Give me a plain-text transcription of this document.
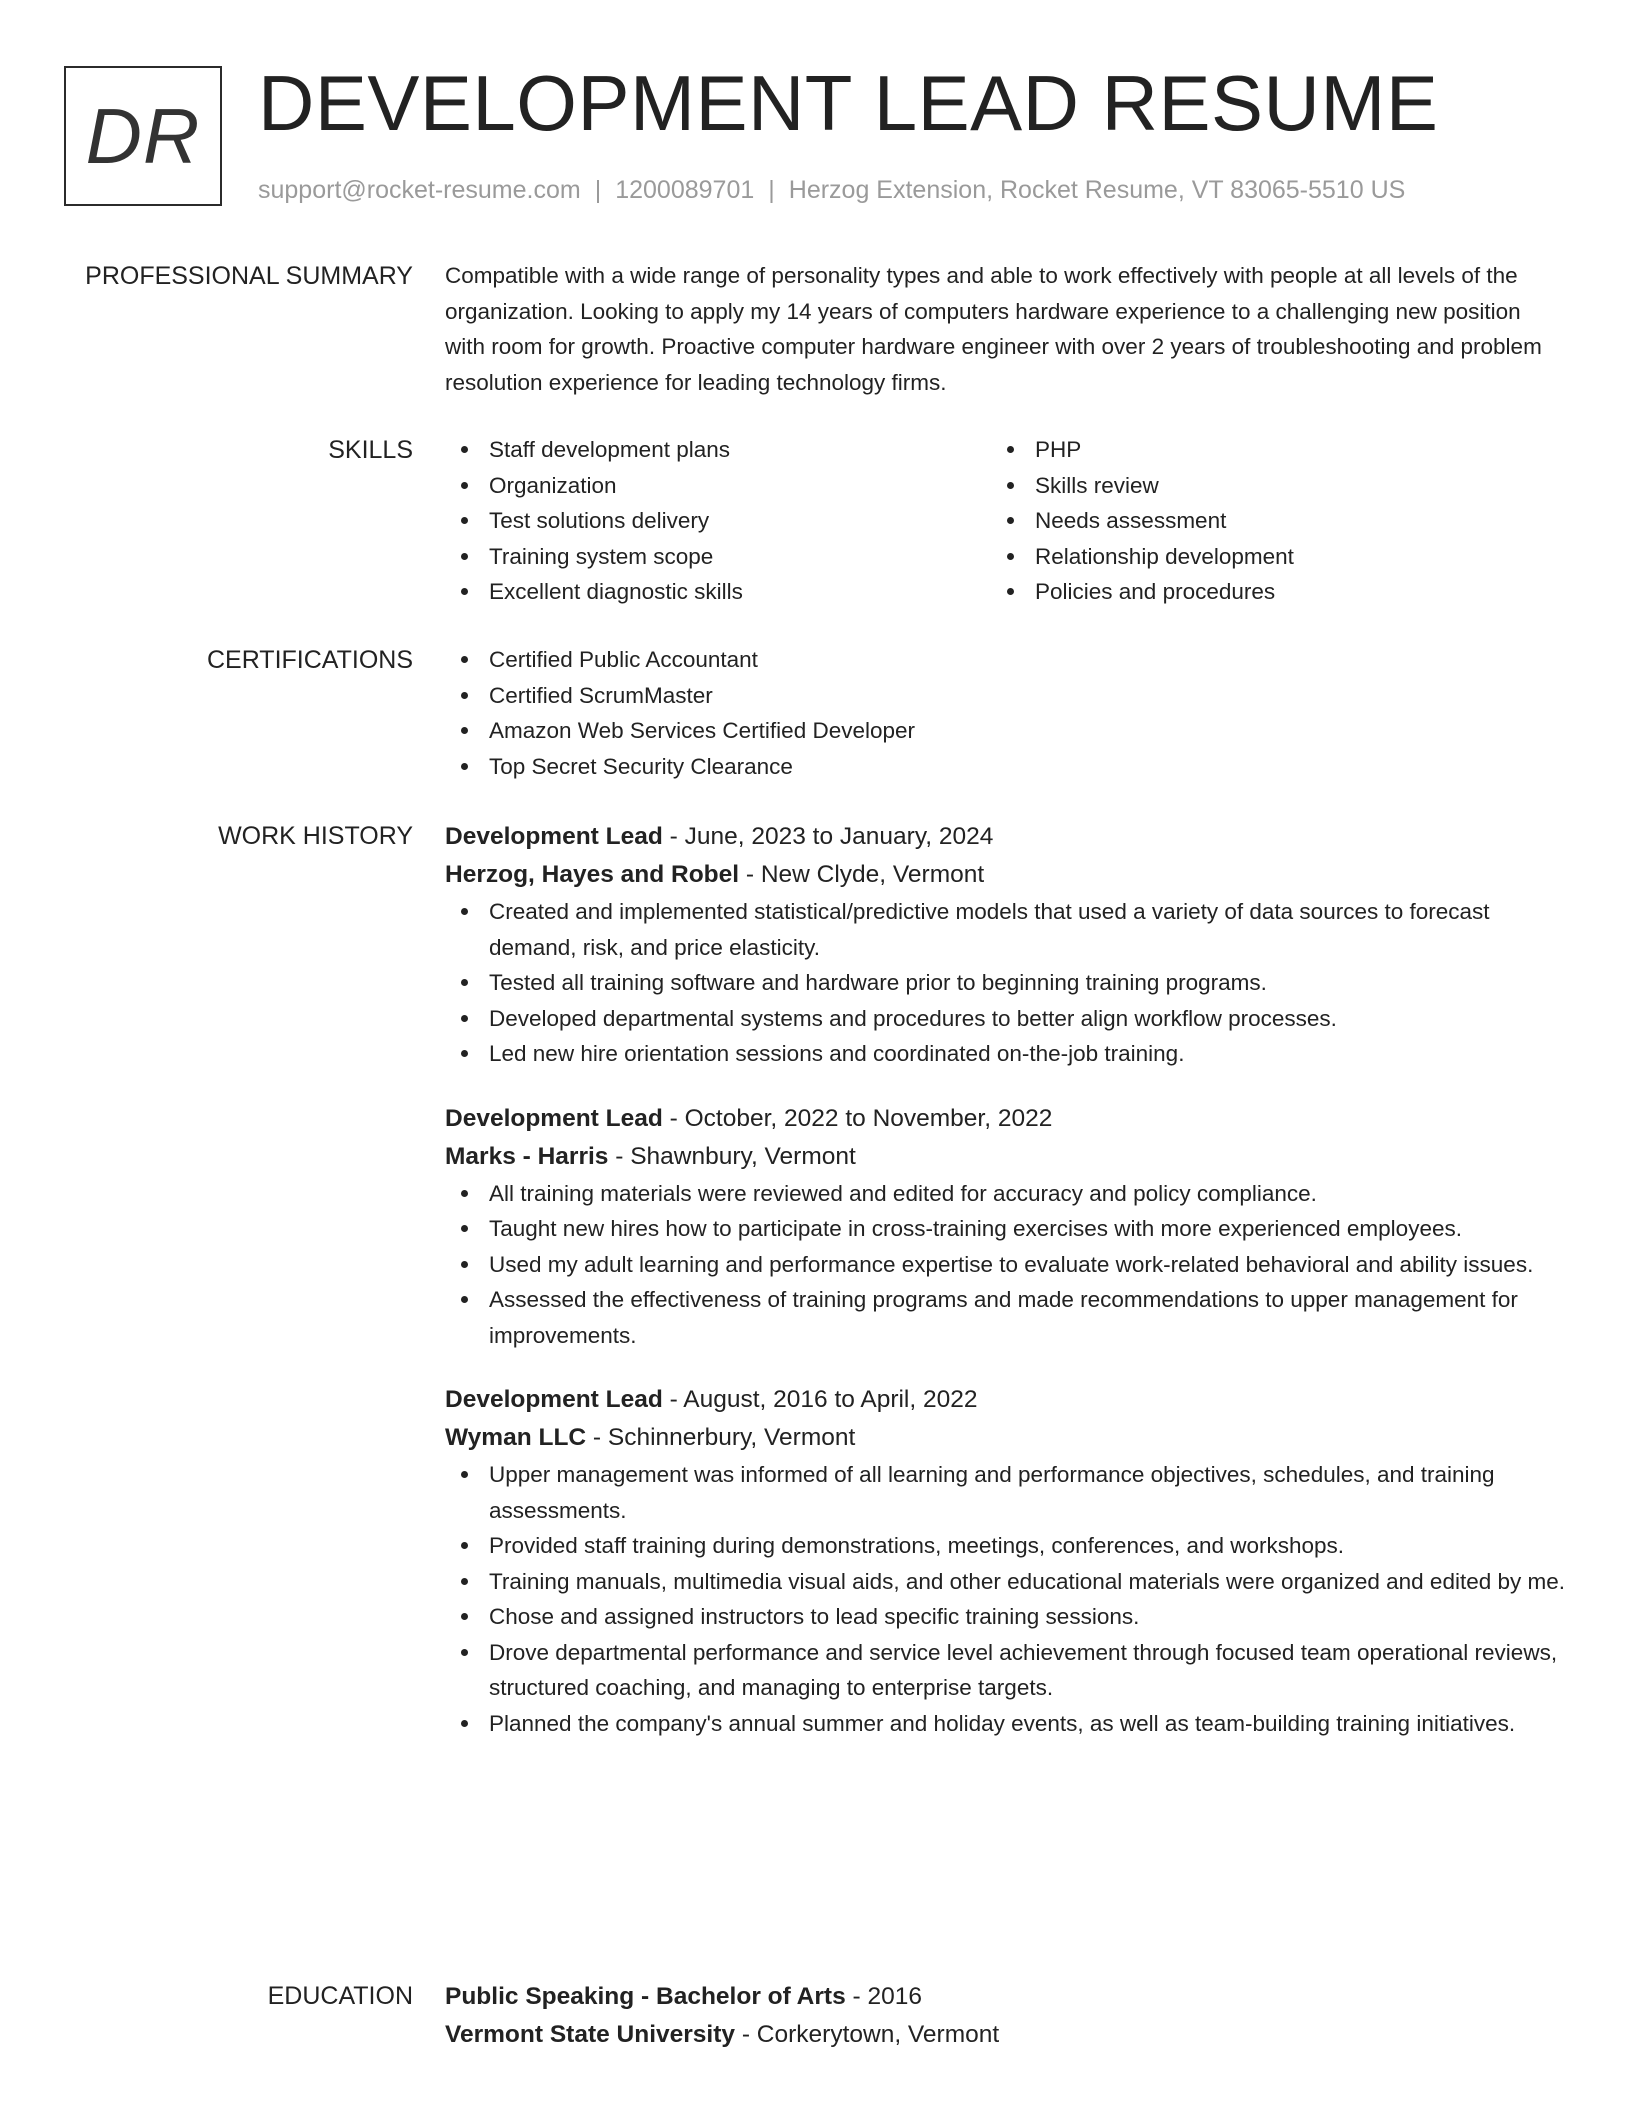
DR DEVELOPMENT LEAD RESUME
support@rocket-resume.com | 1200089701 | Herzog Extension, Rocket Resume, VT 83065-5510 US
PROFESSIONAL SUMMARY Compatible with a wide range of personality types and able to work effectively with people at all levels of the organization. Looking to apply my 14 years of computers hardware experience to a challenging new position with room for growth. Proactive computer hardware engineer with over 2 years of troubleshooting and problem resolution experience for leading technology firms.

SKILLS	Staff development plans
Organization
Test solutions delivery
Training system scope
Excellent diagnostic skills
PHP
Skills review
Needs assessment
Relationship development
Policies and procedures
CERTIFICATIONS	Certified Public Accountant
Certified ScrumMaster
Amazon Web Services Certified Developer
Top Secret Security Clearance
WORK HISTORY Development Lead - June, 2023 to January, 2024
Herzog, Hayes and Robel - New Clyde, Vermont
Created and implemented statistical/predictive models that used a variety of data sources to forecast demand, risk, and price elasticity.
Tested all training software and hardware prior to beginning training programs.
Developed departmental systems and procedures to better align workflow processes.
Led new hire orientation sessions and coordinated on-the-job training.
Development Lead - October, 2022 to November, 2022
Marks - Harris - Shawnbury, Vermont
All training materials were reviewed and edited for accuracy and policy compliance.
Taught new hires how to participate in cross-training exercises with more experienced employees.
Used my adult learning and performance expertise to evaluate work-related behavioral and ability issues.
Assessed the effectiveness of training programs and made recommendations to upper management for improvements.
Development Lead - August, 2016 to April, 2022
Wyman LLC - Schinnerbury, Vermont
Upper management was informed of all learning and performance objectives, schedules, and training assessments.
Provided staff training during demonstrations, meetings, conferences, and workshops.
Training manuals, multimedia visual aids, and other educational materials were organized and edited by me.
Chose and assigned instructors to lead specific training sessions.
Drove departmental performance and service level achievement through focused team operational reviews, structured coaching, and managing to enterprise targets.
Planned the company's annual summer and holiday events, as well as team-building training initiatives.
EDUCATION Public Speaking - Bachelor of Arts - 2016
Vermont State University - Corkerytown, Vermont
